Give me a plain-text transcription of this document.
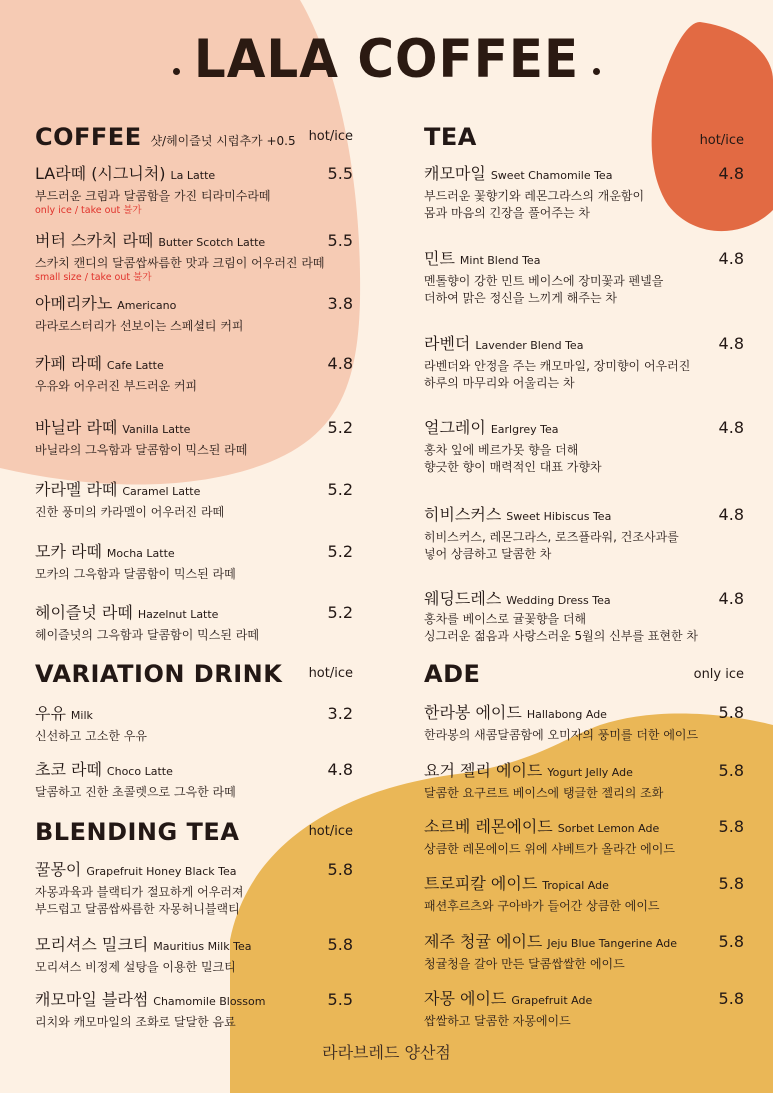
LALA COFFEE
COFFEE 샷/헤이즐넛 시럽추가 +0.5 hot/ice
LA라떼 (시그니처) La Latte	5.5
부드러운 크림과 달콤함을 가진 티라미수라떼
only ice / take out 불가
버터 스카치 라떼 Butter Scotch Latte	5.5
스카치 캔디의 달콤쌉싸름한 맛과 크림이 어우러진 라떼
small size / take out 불가
아메리카노 Americano	3.8
라라로스터리가 선보이는 스페셜티 커피
카페 라떼 Cafe Latte	4.8
우유와 어우러진 부드러운 커피
바닐라 라떼 Vanilla Latte	5.2
바닐라의 그윽함과 달콤함이 믹스된 라떼
카라멜 라떼 Caramel Latte	5.2
진한 풍미의 카라멜이 어우러진 라떼
모카 라떼 Mocha Latte	5.2
모카의 그윽함과 달콤함이 믹스된 라떼
헤이즐넛 라떼 Hazelnut Latte	5.2
헤이즐넛의 그윽함과 달콤함이 믹스된 라떼
VARIATION DRINK hot/ice
우유 Milk	3.2
신선하고 고소한 우유
초코 라떼 Choco Latte	4.8
달콤하고 진한 초콜렛으로 그윽한 라떼
BLENDING TEA	hot/ice
꿀몽이 Grapefruit Honey Black Tea	5.8
자몽과육과 블랙티가 절묘하게 어우러져
부드럽고 달콤쌉싸름한 자몽허니블랙티
모리셔스 밀크티 Mauritius Milk Tea	5.8
모리셔스 비정제 설탕을 이용한 밀크티
캐모마일 블라썸 Chamomile Blossom	5.5
리치와 캐모마일의 조화로 달달한 음료
TEA	hot/ice
캐모마일 Sweet Chamomile Tea	4.8
부드러운 꽃향기와 레몬그라스의 개운함이
몸과 마음의 긴장을 풀어주는 차
민트 Mint Blend Tea	4.8
멘톨향이 강한 민트 베이스에 장미꽃과 펜넬을
더하여 맑은 정신을 느끼게 해주는 차
라벤더 Lavender Blend Tea	4.8
라벤더와 안정을 주는 캐모마일, 장미향이 어우러진
하루의 마무리와 어울리는 차
얼그레이 Earlgrey Tea	4.8
홍차 잎에 베르가못 향을 더해
향긋한 향이 매력적인 대표 가향차
히비스커스 Sweet Hibiscus Tea	4.8
히비스커스, 레몬그라스, 로즈플라워, 건조사과를
넣어 상큼하고 달콤한 차
웨딩드레스 Wedding Dress Tea	4.8
홍차를 베이스로 귤꽃향을 더해
싱그러운 젊음과 사랑스러운 5월의 신부를 표현한 차
ADE	only ice
한라봉 에이드 Hallabong Ade	5.8
한라봉의 새콤달콤함에 오미자의 풍미를 더한 에이드
요거 젤리 에이드 Yogurt Jelly Ade	5.8
달콤한 요구르트 베이스에 탱글한 젤리의 조화
소르베 레몬에이드 Sorbet Lemon Ade	5.8
상큼한 레몬에이드 위에 샤베트가 올라간 에이드
트로피칼 에이드 Tropical Ade	5.8
패션후르츠와 구아바가 들어간 상큼한 에이드
제주 청귤 에이드 Jeju Blue Tangerine Ade	5.8
청귤청을 갈아 만든 달콤쌉쌀한 에이드
자몽 에이드 Grapefruit Ade	5.8
쌉쌀하고 달콤한 자몽에이드
라라브레드 양산점
